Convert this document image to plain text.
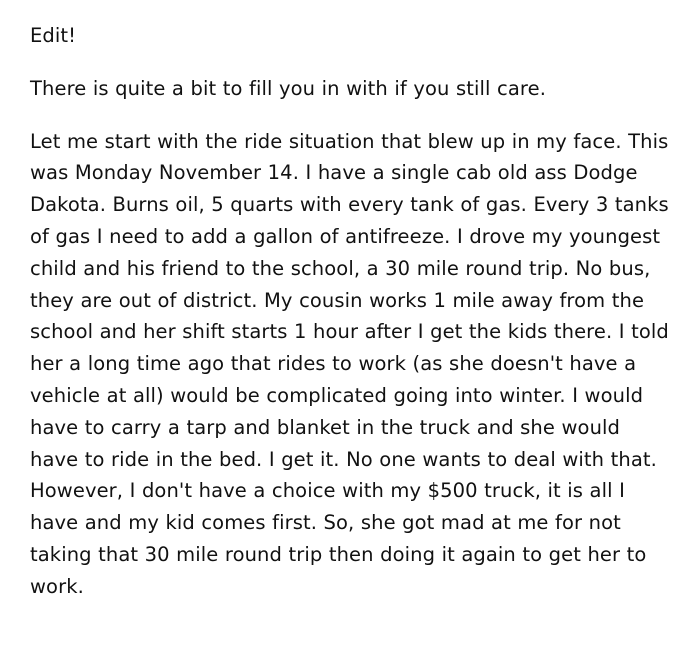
Edit!

There is quite a bit to fill you in with if you still care.

Let me start with the ride situation that blew up in my face. This was Monday November 14. I have a single cab old ass Dodge Dakota. Burns oil, 5 quarts with every tank of gas. Every 3 tanks of gas I need to add a gallon of antifreeze. I drove my youngest child and his friend to the school, a 30 mile round trip. No bus, they are out of district. My cousin works 1 mile away from the school and her shift starts 1 hour after I get the kids there. I told her a long time ago that rides to work (as she doesn't have a vehicle at all) would be complicated going into winter. I would have to carry a tarp and blanket in the truck and she would have to ride in the bed. I get it. No one wants to deal with that. However, I don't have a choice with my $500 truck, it is all I have and my kid comes first. So, she got mad at me for not taking that 30 mile round trip then doing it again to get her to work.
